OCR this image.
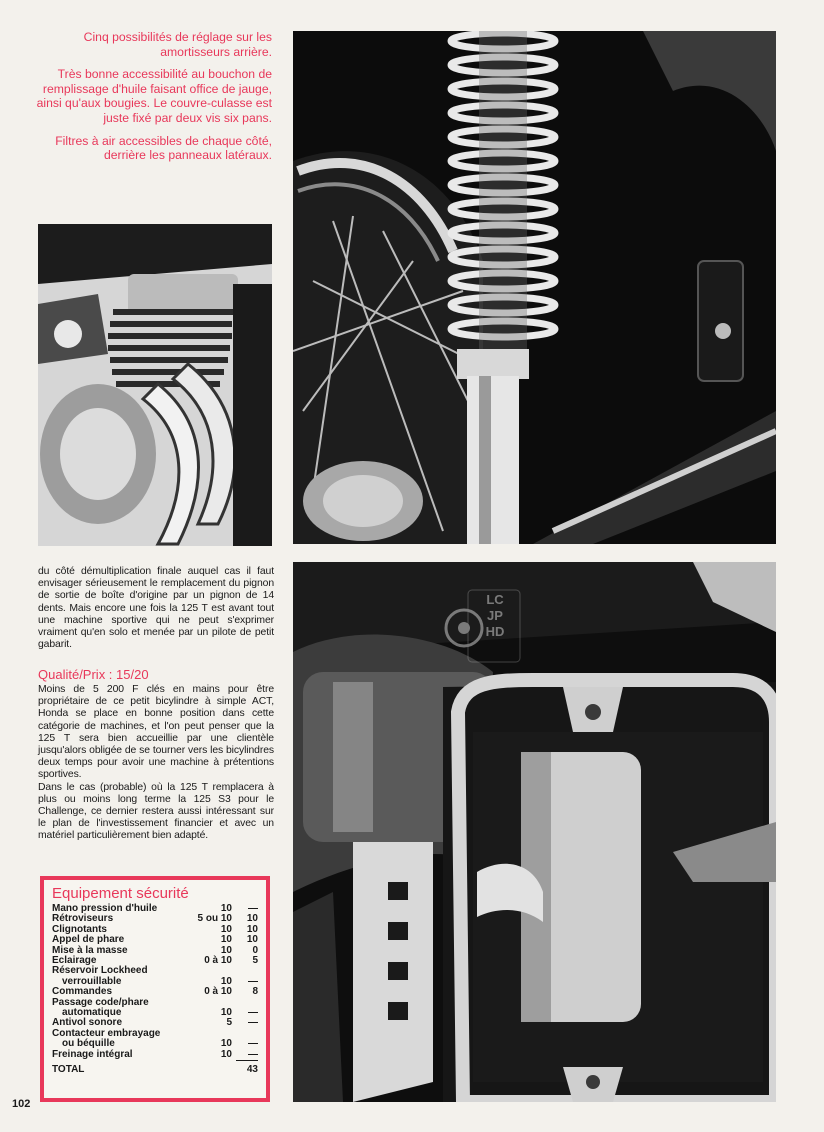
Cinq possibilités de réglage sur les amortisseurs arrière.

Très bonne accessibilité au bouchon de remplissage d'huile faisant office de jauge, ainsi qu'aux bougies. Le couvre-culasse est juste fixé par deux vis six pans.

Filtres à air accessibles de chaque côté, derrière les panneaux latéraux.

LC
JP
HD

du côté démultiplication finale auquel cas il faut envisager sérieusement le remplacement du pignon de sortie de boîte d'origine par un pignon de 14 dents. Mais encore une fois la 125 T est avant tout une machine sportive qui ne peut s'exprimer vraiment qu'en solo et menée par un pilote de petit gabarit.

Qualité/Prix : 15/20

Moins de 5 200 F clés en mains pour être propriétaire de ce petit bicylindre à simple ACT, Honda se place en bonne position dans cette catégorie de machines, et l'on peut penser que la 125 T sera bien accueillie par une clientèle jusqu'alors obligée de se tourner vers les bicylindres deux temps pour avoir une machine à prétentions sportives.

Dans le cas (probable) où la 125 T remplacera à plus ou moins long terme la 125 S3 pour le Challenge, ce dernier restera aussi intéressant sur le plan de l'investissement financier et avec un matériel particulièrement bien adapté.

Equipement sécurité
Mano pression d'huile	10	—
Rétroviseurs	5 ou 10	10
Clignotants	10	10
Appel de phare	10	10
Mise à la masse	10	0
Eclairage	0 à 10	5
Réservoir Lockheed		
verrouillable	10	—
Commandes	0 à 10	8
Passage code/phare		
automatique	10	—
Antivol sonore	5	—
Contacteur embrayage		
ou béquille	10	—
Freinage intégral	10	—
TOTAL		43
102
